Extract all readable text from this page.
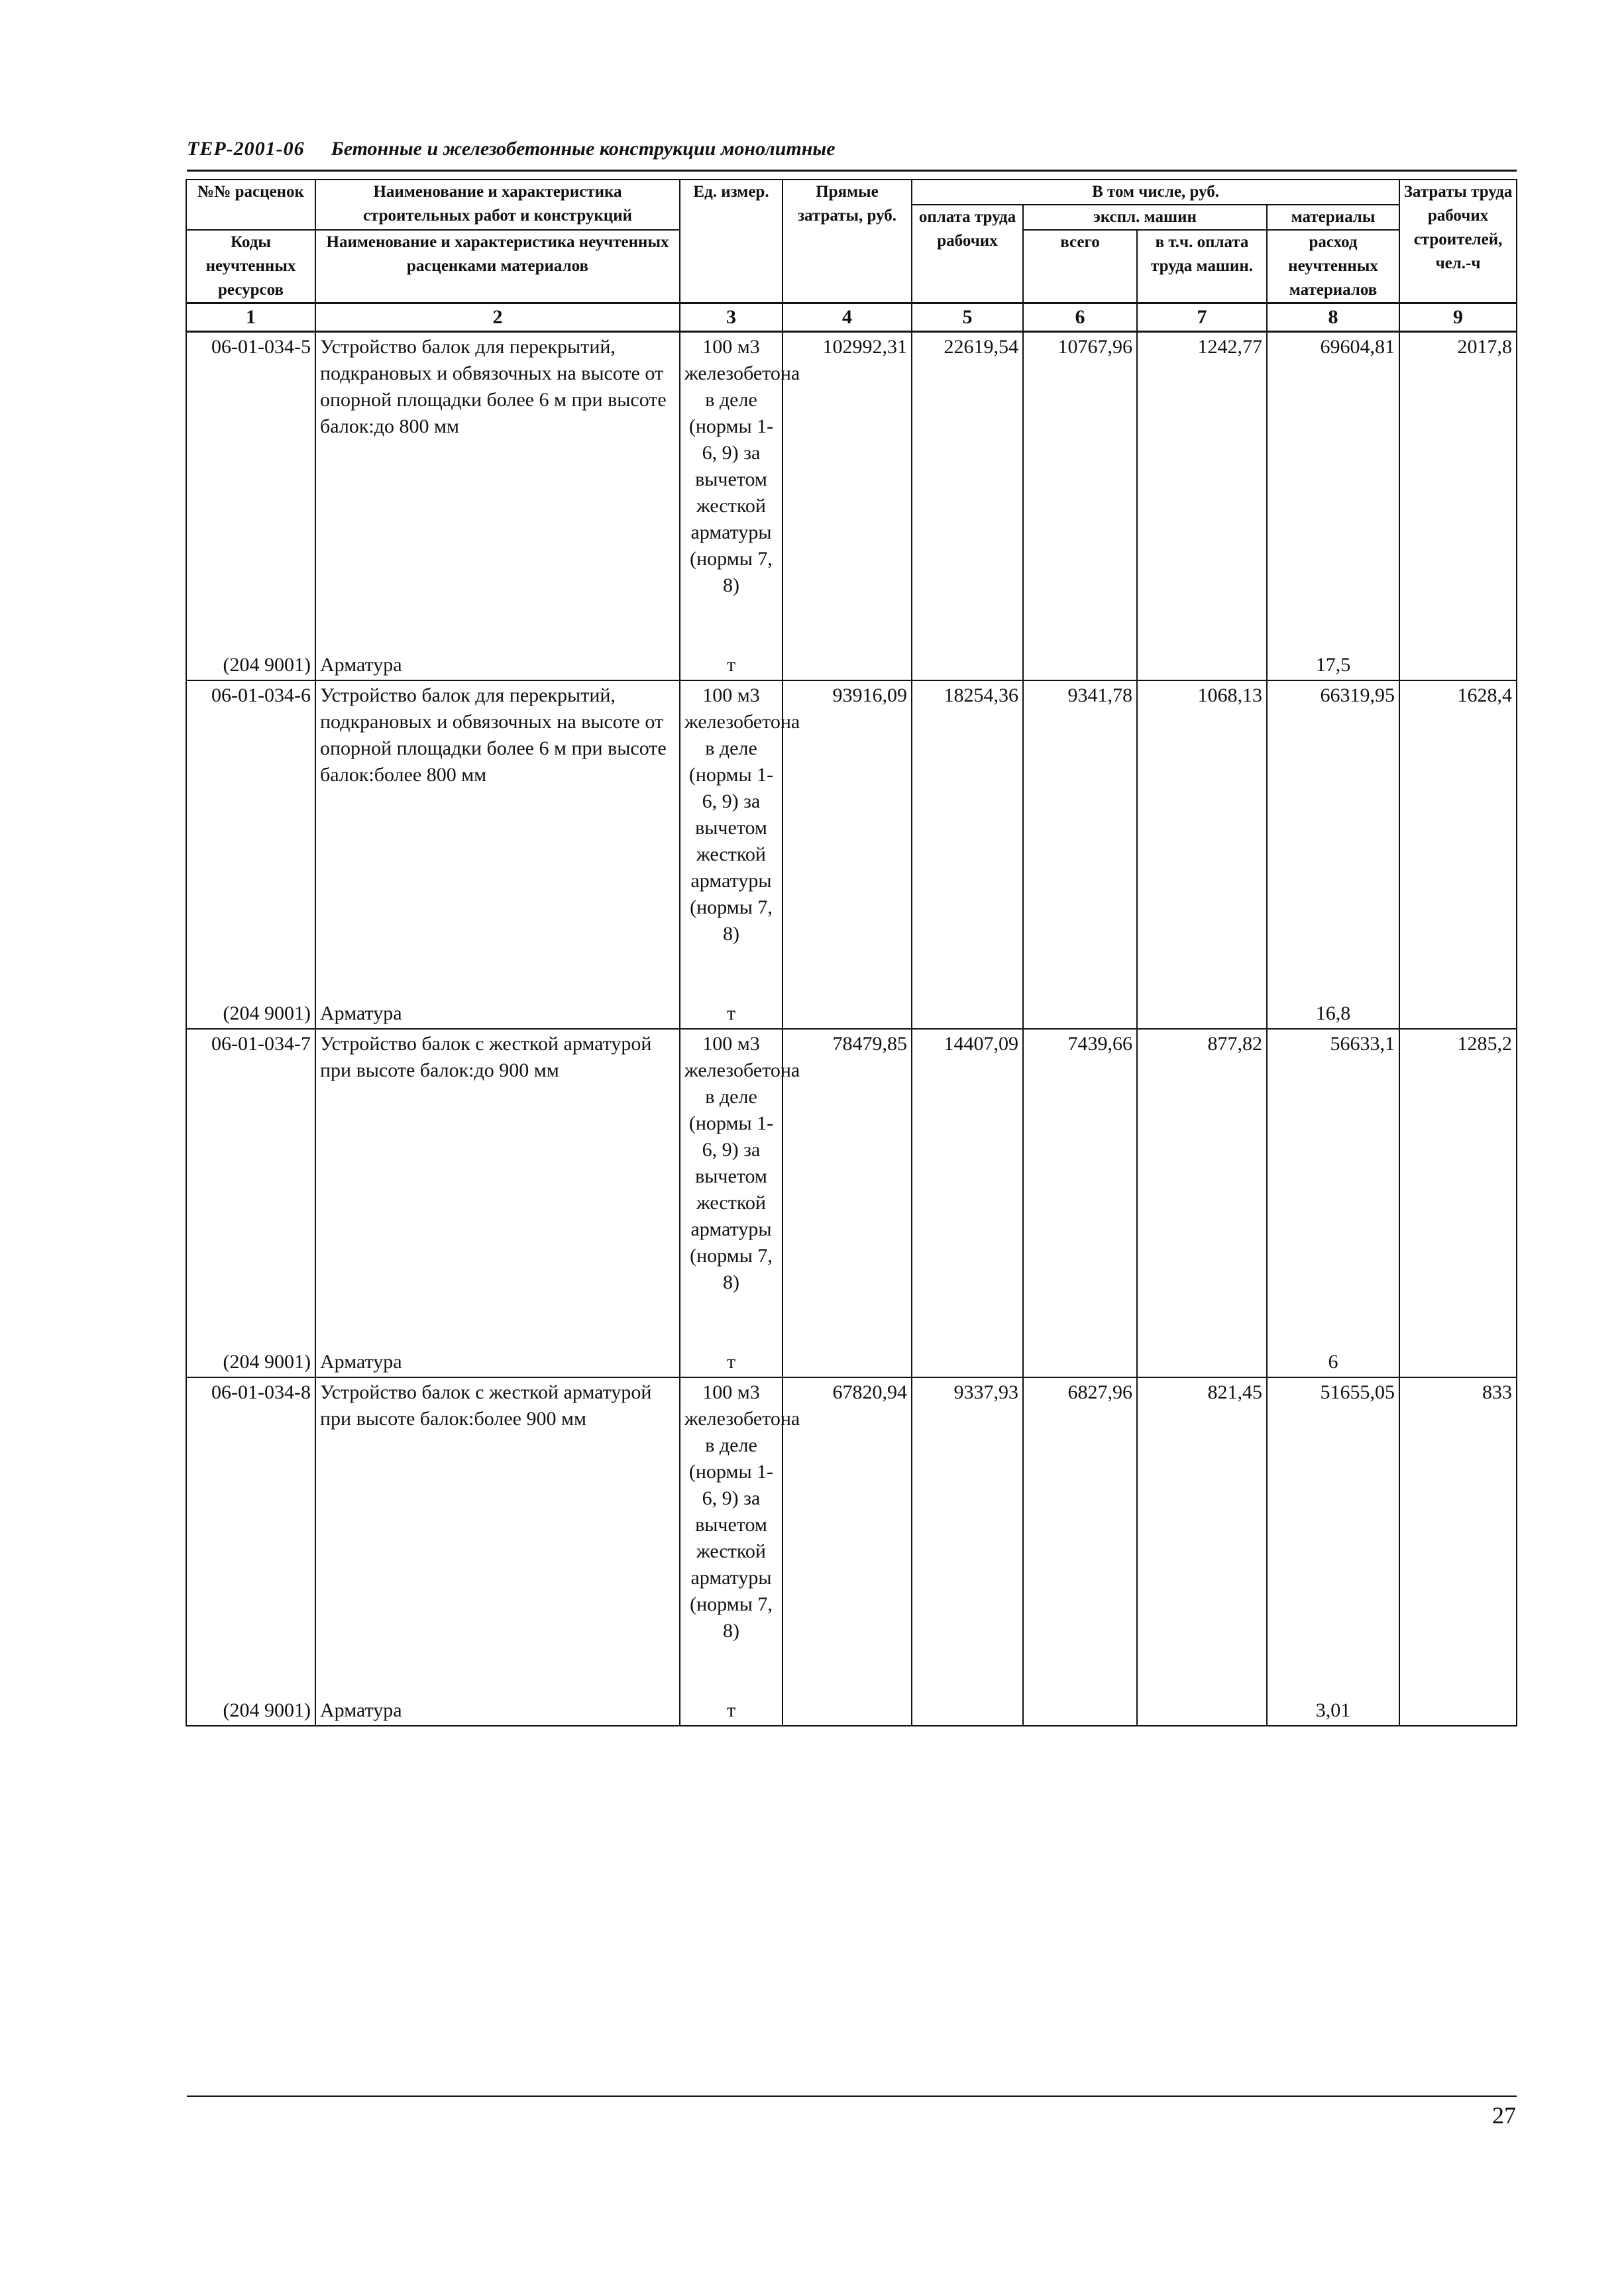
ТЕР-2001-06 Бетонные и железобетонные конструкции монолитные
№№ расценок	Наименование и характеристика строительных работ и конструкций	Ед. измер.	Прямые затраты, руб.	В том числе, руб.				Затраты труда рабочих строителей, чел.-ч
				оплата труда рабочих	экспл. машин		материалы	
Коды неучтенных ресурсов	Наименование и характеристика неучтенных расценками материалов				всего	в т.ч. оплата труда машин.	расход неучтенных материалов	
1	2	3	4	5	6	7	8	9
06-01-034-5	Устройство балок для перекрытий, подкрановых и обвязочных на высоте от опорной площадки более 6 м при высоте балок:до 800 мм	100 м3 железобетона в деле (нормы 1-6, 9) за вычетом жесткой арматуры (нормы 7, 8)	102992,31	22619,54	10767,96	1242,77	69604,81	2017,8
(204 9001)	Арматура	т					17,5	
06-01-034-6	Устройство балок для перекрытий, подкрановых и обвязочных на высоте от опорной площадки более 6 м при высоте балок:более 800 мм	100 м3 железобетона в деле (нормы 1-6, 9) за вычетом жесткой арматуры (нормы 7, 8)	93916,09	18254,36	9341,78	1068,13	66319,95	1628,4
(204 9001)	Арматура	т					16,8	
06-01-034-7	Устройство балок с жесткой арматурой при высоте балок:до 900 мм	100 м3 железобетона в деле (нормы 1-6, 9) за вычетом жесткой арматуры (нормы 7, 8)	78479,85	14407,09	7439,66	877,82	56633,1	1285,2
(204 9001)	Арматура	т					6	
06-01-034-8	Устройство балок с жесткой арматурой при высоте балок:более 900 мм	100 м3 железобетона в деле (нормы 1-6, 9) за вычетом жесткой арматуры (нормы 7, 8)	67820,94	9337,93	6827,96	821,45	51655,05	833
(204 9001)	Арматура	т					3,01	
27
